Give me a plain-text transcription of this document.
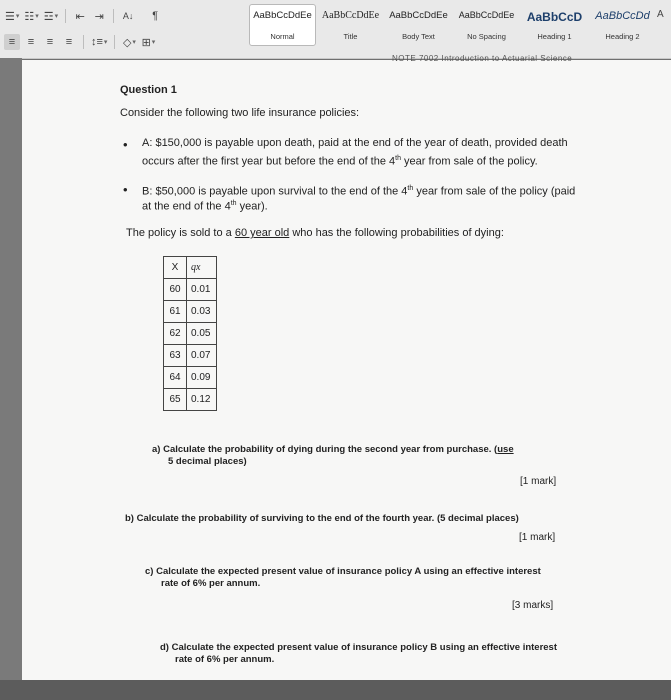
☰ ▾ ☷ ▾ ☲ ▾	⇤ ⇥	A↓	¶
≡	≡	≡	≡	↕≡ ▾ ◇ ▾ ⊞ ▾
AaBbCcDdEe
Normal
AaBbCcDdEe
Title
AaBbCcDdEe
Body Text
AaBbCcDdEe
No Spacing
AaBbCcD
Heading 1
AaBbCcDd
Heading 2
A
NOTE 7002 Introduction to Actuarial Science
Question 1
Consider the following two life insurance policies:
• A: $150,000 is payable upon death, paid at the end of the year of death, provided death
occurs after the first year but before the end of the 4th year from sale of the policy.
• B: $50,000 is payable upon survival to the end of the 4th year from sale of the policy (paid
at the end of the 4th year).
The policy is sold to a 60 year old who has the following probabilities of dying:
X	qx
60	0.01
61	0.03
62	0.05
63	0.07
64	0.09
65	0.12
a) Calculate the probability of dying during the second year from purchase. (use
5 decimal places)
[1 mark]
b) Calculate the probability of surviving to the end of the fourth year. (5 decimal places)
[1 mark]
c) Calculate the expected present value of insurance policy A using an effective interest
rate of 6% per annum.
[3 marks]
d) Calculate the expected present value of insurance policy B using an effective interest
rate of 6% per annum.
